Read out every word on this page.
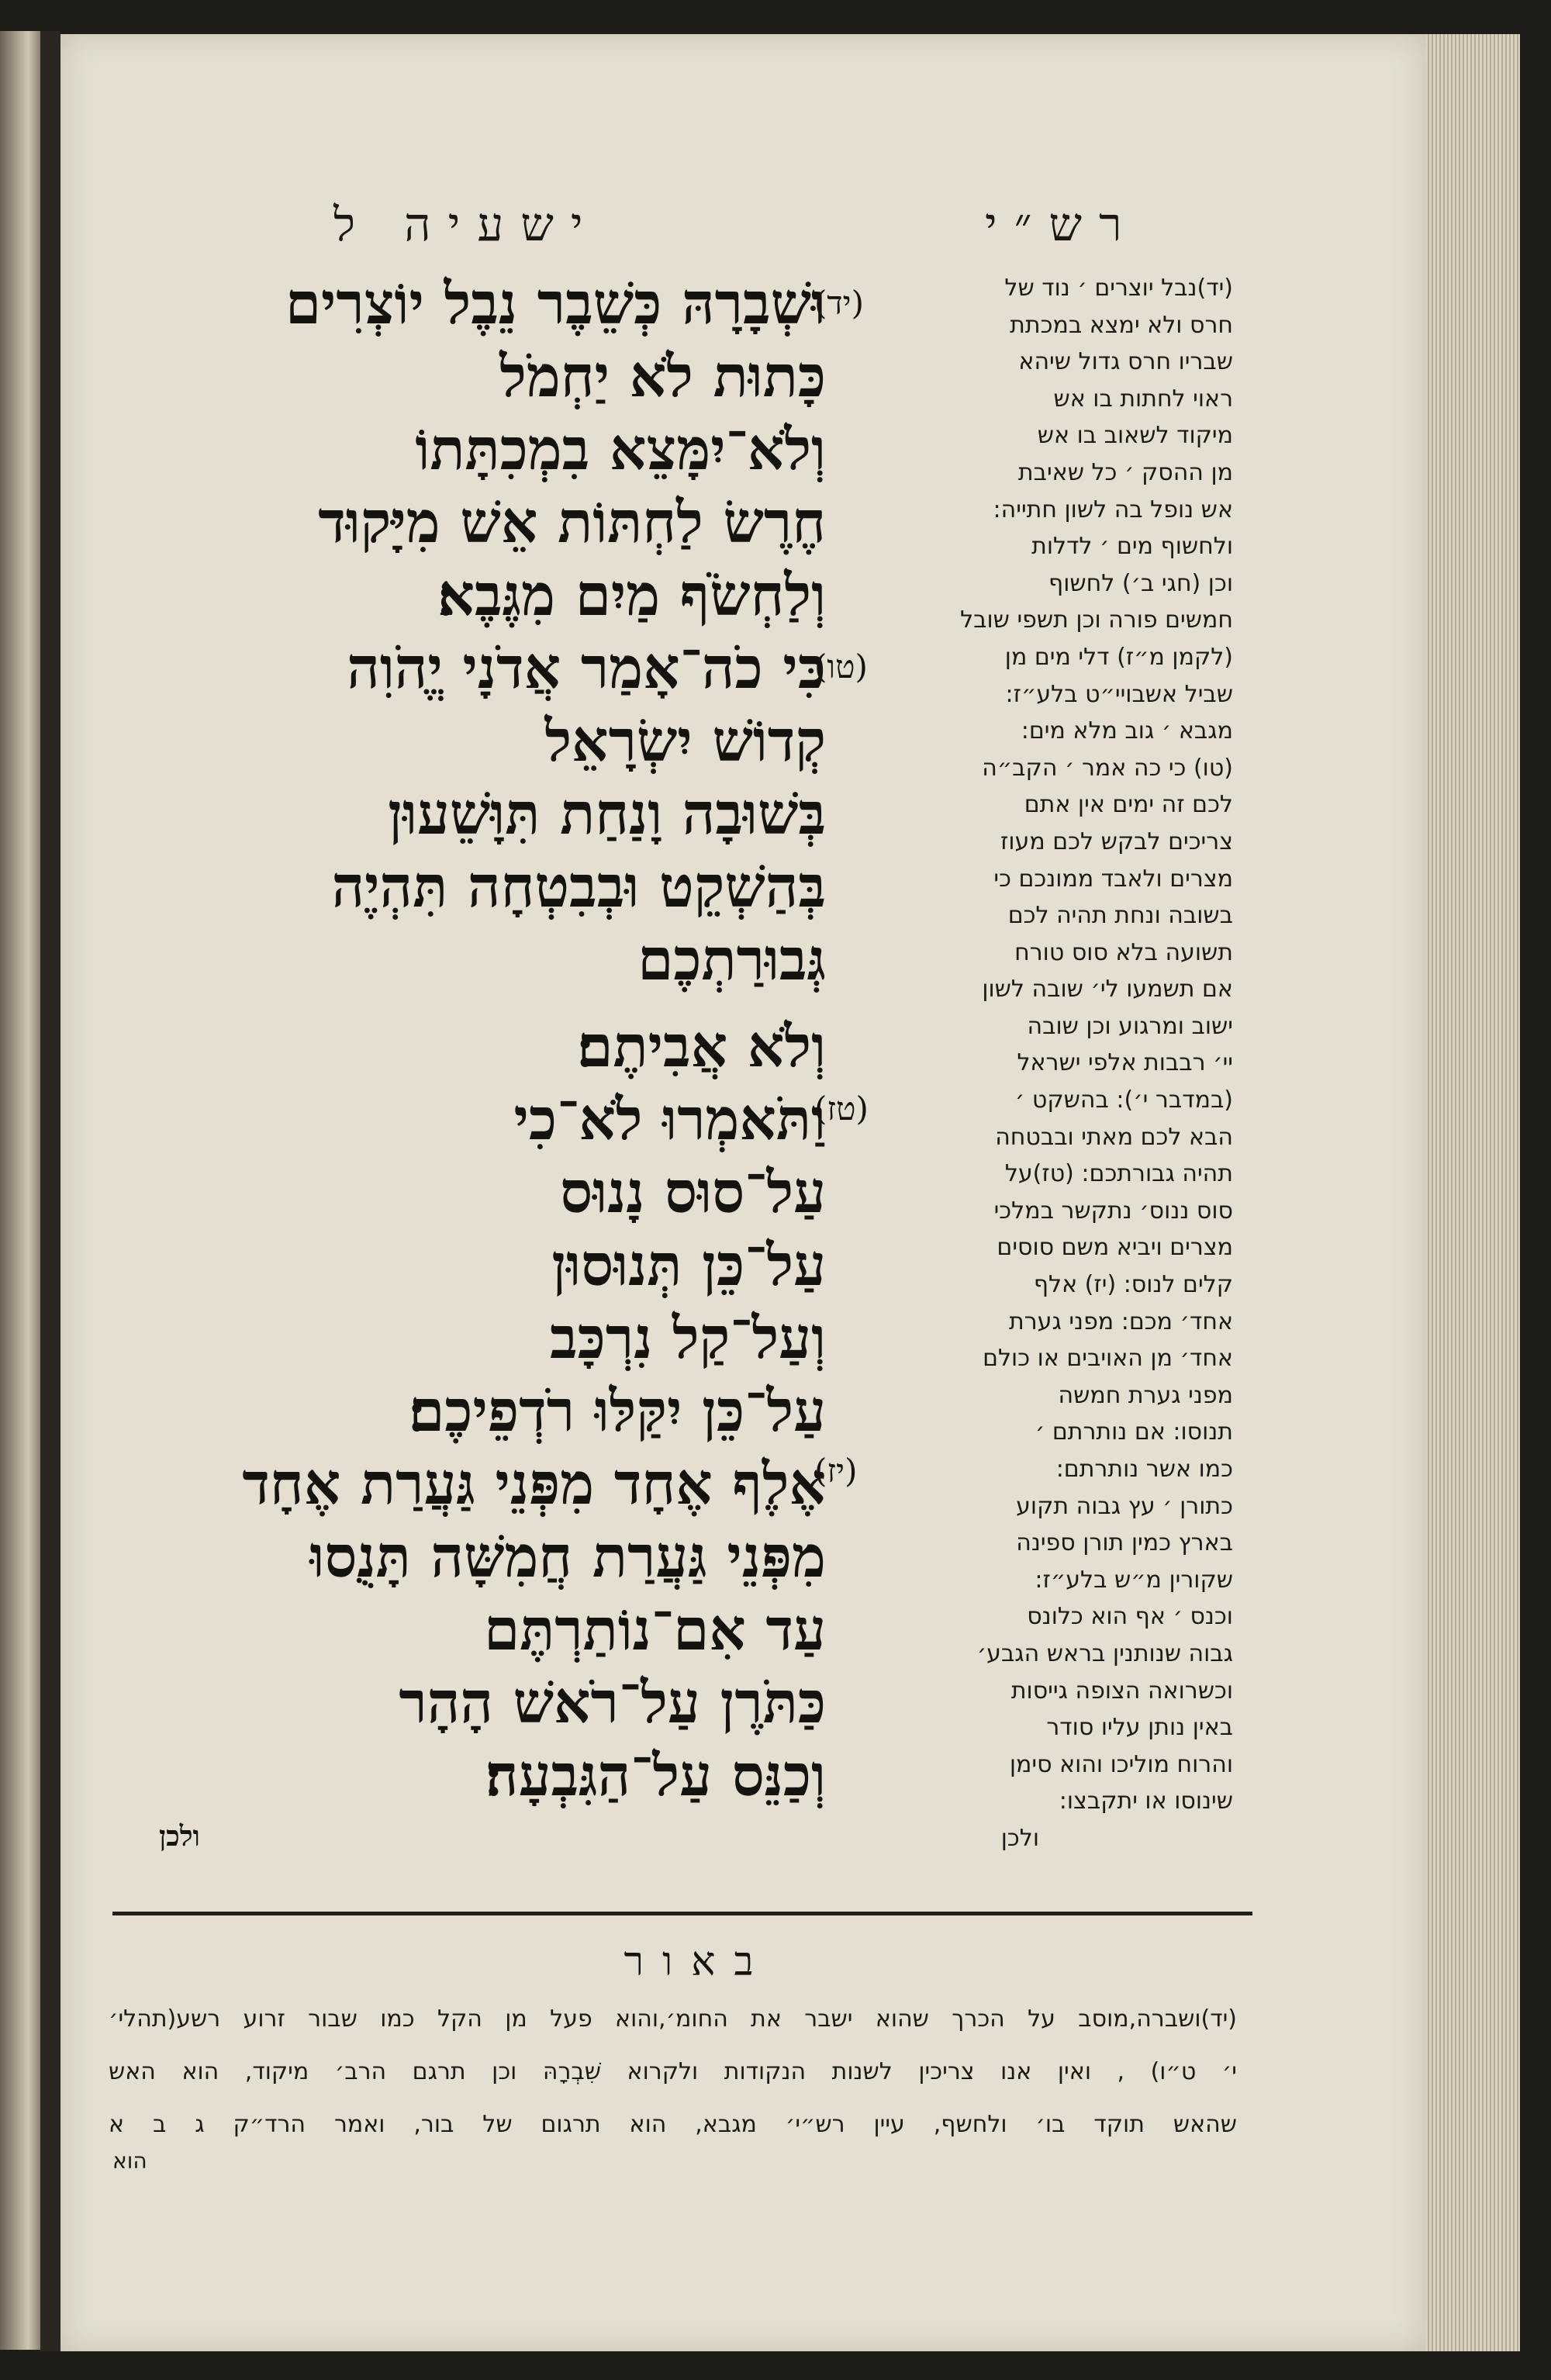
ישעיה ל	רש״י
(יד)
(טו)
(טז)
(יז)
וּשְׁבָרָהּ כְּשֵׁבֶר נֵבֶל יוֹצְרִים
כָּתוּת לֹא יַחְמֹל
וְלֹא־יִמָּצֵא בִמְכִתָּתוֹ
חֶרֶשׂ לַחְתּוֹת אֵשׁ מִיָּקוּד
וְלַחְשֹׂף מַיִם מִגֶּבֶא׃
כִּי כֹה־אָמַר אֲדֹנָי יֱהֹוִה
קְדוֹשׁ יִשְׂרָאֵל
בְּשׁוּבָה וָנַחַת תִּוָּשֵׁעוּן
בְּהַשְׁקֵט וּבְבִטְחָה תִּהְיֶה
גְּבוּרַתְכֶם
וְלֹא אֲבִיתֶם׃
וַתֹּאמְרוּ לֹא־כִי
עַל־סוּס נָנוּס
עַל־כֵּן תְּנוּסוּן
וְעַל־קַל נִרְכָּב
עַל־כֵּן יִקַּלּוּ רֹדְפֵיכֶם׃
אֶלֶף אֶחָד מִפְּנֵי גַּעֲרַת אֶחָד
מִפְּנֵי גַּעֲרַת חֲמִשָּׁה תָּנֻסוּ
עַד אִם־נוֹתַרְתֶּם
כַּתֹּרֶן עַל־רֹאשׁ הָהָר
וְכַנֵּס עַל־הַגִּבְעָה׃
ולכן
(יד)נבל יוצרים ׳ נוד של
חרס ולא ימצא במכתת
שבריו חרס גדול שיהא
ראוי לחתות בו אש
מיקוד לשאוב בו אש
מן ההסק ׳ כל שאיבת
אש נופל בה לשון חתייה:
ולחשוף מים ׳ לדלות
וכן (חגי ב׳) לחשוף
חמשים פורה וכן תשפי שובל
(לקמן מ״ז) דלי מים מן
שביל אשבויי״ט בלע״ז:
מגבא ׳ גוב מלא מים:
(טו) כי כה אמר ׳ הקב״ה
לכם זה ימים אין אתם
צריכים לבקש לכם מעוז
מצרים ולאבד ממונכם כי
בשובה ונחת תהיה לכם
תשועה בלא סוס טורח
אם תשמעו לי׳ שובה לשון
ישוב ומרגוע וכן שובה
יי׳ רבבות אלפי ישראל
(במדבר י׳): בהשקט ׳
הבא לכם מאתי ובבטחה
תהיה גבורתכם: (טז)על
סוס ננוס׳ נתקשר במלכי
מצרים ויביא משם סוסים
קלים לנוס: (יז) אלף
אחד׳ מכם: מפני גערת
אחד׳ מן האויבים או כולם
מפני גערת חמשה
תנוסו: אם נותרתם ׳
כמו אשר נותרתם:
כתורן ׳ עץ גבוה תקוע
בארץ כמין תורן ספינה
שקורין מ״ש בלע״ז:
וכנס ׳ אף הוא כלונס
גבוה שנותנין בראש הגבע׳
וכשרואה הצופה גייסות
באין נותן עליו סודר
והרוח מוליכו והוא סימן
שינוסו או יתקבצו:
ולכן
באור
(יד)ושברה,מוסב על הכרך שהוא ישבר את החומ׳,והוא פעל מן הקל כמו שבור זרוע רשע(תהלי׳
י׳ ט״ו) , ואין אנו צריכין לשנות הנקודות ולקרוא שִׁבְרָהּ וכן תרגם הרב׳ מיקוד, הוא האש
שהאש תוקד בו׳ ולחשף, עיין רש״י׳ מגבא, הוא תרגום של בור, ואמר הרד״ק ג ב א
הוא
